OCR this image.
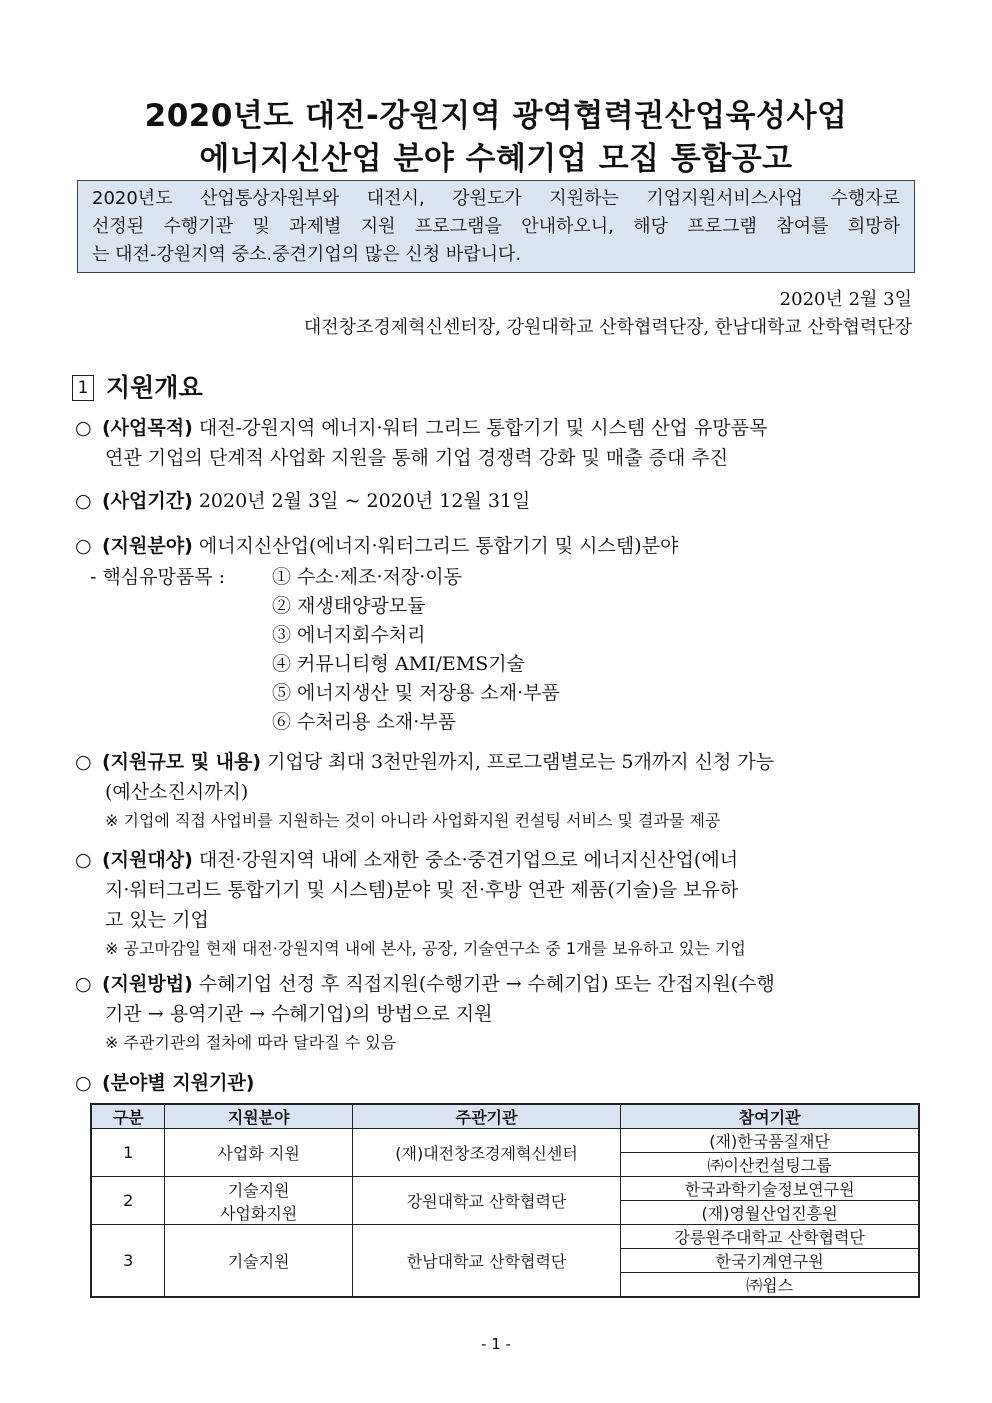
2020년도 대전-강원지역 광역협력권산업육성사업
에너지신산업 분야 수혜기업 모집 통합공고
2020년도 산업통상자원부와 대전시, 강원도가 지원하는 기업지원서비스사업 수행자로
선정된 수행기관 및 과제별 지원 프로그램을 안내하오니, 해당 프로그램 참여를 희망하
는 대전-강원지역 중소.중견기업의 많은 신청 바랍니다.
2020년 2월 3일
대전창조경제혁신센터장, 강원대학교 산학협력단장, 한남대학교 산학협력단장
1 지원개요
○ (사업목적) 대전-강원지역 에너지·워터 그리드 통합기기 및 시스템 산업 유망품목
연관 기업의 단계적 사업화 지원을 통해 기업 경쟁력 강화 및 매출 증대 추진
○ (사업기간) 2020년 2월 3일 ~ 2020년 12월 31일
○ (지원분야) 에너지신산업(에너지·워터그리드 통합기기 및 시스템)분야
- 핵심유망품목 : ① 수소·제조·저장·이동
② 재생태양광모듈
③ 에너지회수처리
④ 커뮤니티형 AMI/EMS기술
⑤ 에너지생산 및 저장용 소재·부품
⑥ 수처리용 소재·부품
○ (지원규모 및 내용) 기업당 최대 3천만원까지, 프로그램별로는 5개까지 신청 가능
(예산소진시까지)
※ 기업에 직접 사업비를 지원하는 것이 아니라 사업화지원 컨설팅 서비스 및 결과물 제공
○ (지원대상) 대전·강원지역 내에 소재한 중소·중견기업으로 에너지신산업(에너
지·워터그리드 통합기기 및 시스템)분야 및 전·후방 연관 제품(기술)을 보유하
고 있는 기업
※ 공고마감일 현재 대전·강원지역 내에 본사, 공장, 기술연구소 중 1개를 보유하고 있는 기업
○ (지원방법) 수혜기업 선정 후 직접지원(수행기관 → 수혜기업) 또는 간접지원(수행
기관 → 용역기관 → 수혜기업)의 방법으로 지원
※ 주관기관의 절차에 따라 달라질 수 있음
○ (분야별 지원기관)
구분	지원분야	주관기관	참여기관
1	사업화 지원	(재)대전창조경제혁신센터	(재)한국품질재단
			㈜이산컨설팅그룹
2	기술지원
사업화지원	강원대학교 산학협력단	한국과학기술정보연구원
			(재)영월산업진흥원
3	기술지원	한남대학교 산학협력단	강릉원주대학교 산학협력단
			한국기계연구원
			㈜윕스
- 1 -
